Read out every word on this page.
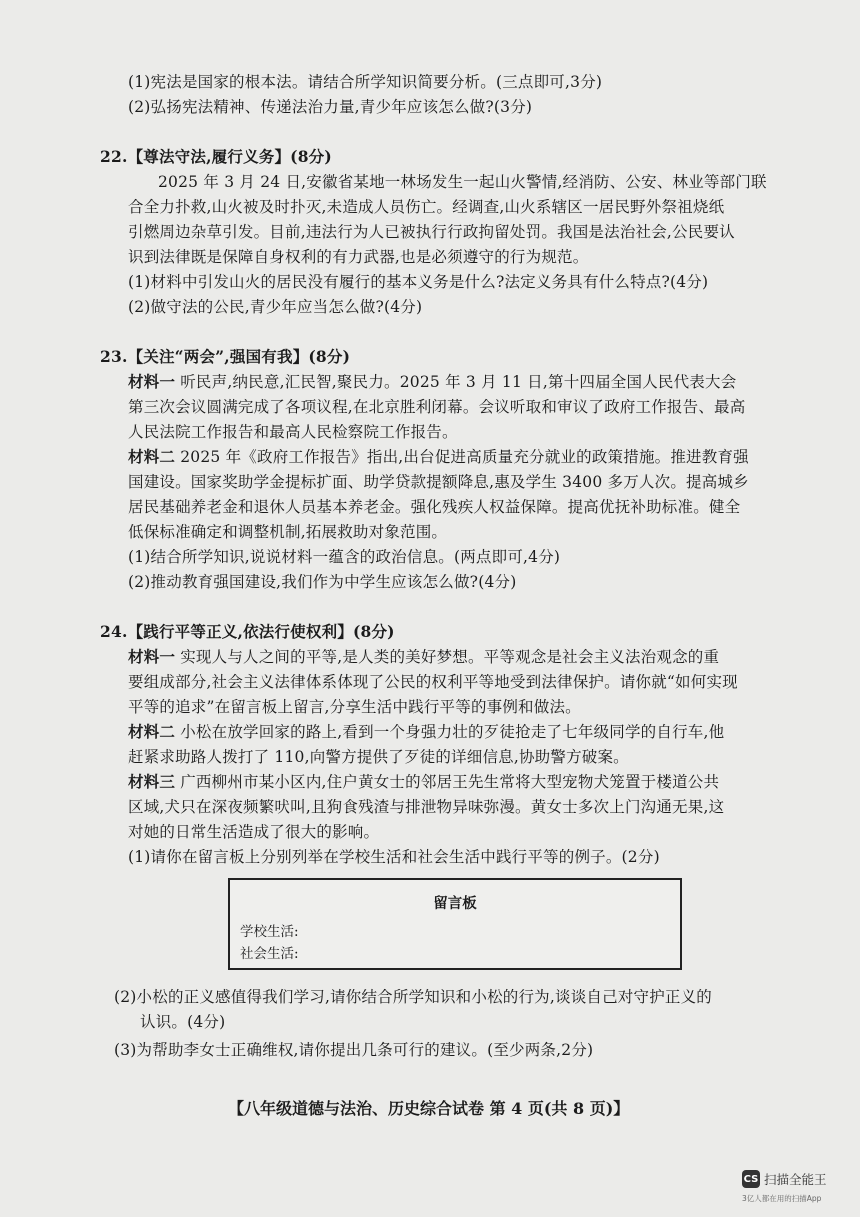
(1)宪法是国家的根本法。请结合所学知识简要分析。(三点即可,3分)
(2)弘扬宪法精神、传递法治力量,青少年应该怎么做?(3分)
22.【尊法守法,履行义务】(8分)
2025 年 3 月 24 日,安徽省某地一林场发生一起山火警情,经消防、公安、林业等部门联
合全力扑救,山火被及时扑灭,未造成人员伤亡。经调查,山火系辖区一居民野外祭祖烧纸
引燃周边杂草引发。目前,违法行为人已被执行行政拘留处罚。我国是法治社会,公民要认
识到法律既是保障自身权利的有力武器,也是必须遵守的行为规范。
(1)材料中引发山火的居民没有履行的基本义务是什么?法定义务具有什么特点?(4分)
(2)做守法的公民,青少年应当怎么做?(4分)
23.【关注“两会”,强国有我】(8分)
材料一 听民声,纳民意,汇民智,聚民力。2025 年 3 月 11 日,第十四届全国人民代表大会
第三次会议圆满完成了各项议程,在北京胜利闭幕。会议听取和审议了政府工作报告、最高
人民法院工作报告和最高人民检察院工作报告。
材料二 2025 年《政府工作报告》指出,出台促进高质量充分就业的政策措施。推进教育强
国建设。国家奖助学金提标扩面、助学贷款提额降息,惠及学生 3400 多万人次。提高城乡
居民基础养老金和退休人员基本养老金。强化残疾人权益保障。提高优抚补助标准。健全
低保标准确定和调整机制,拓展救助对象范围。
(1)结合所学知识,说说材料一蕴含的政治信息。(两点即可,4分)
(2)推动教育强国建设,我们作为中学生应该怎么做?(4分)
24.【践行平等正义,依法行使权利】(8分)
材料一 实现人与人之间的平等,是人类的美好梦想。平等观念是社会主义法治观念的重
要组成部分,社会主义法律体系体现了公民的权利平等地受到法律保护。请你就“如何实现
平等的追求”在留言板上留言,分享生活中践行平等的事例和做法。
材料二 小松在放学回家的路上,看到一个身强力壮的歹徒抢走了七年级同学的自行车,他
赶紧求助路人拨打了 110,向警方提供了歹徒的详细信息,协助警方破案。
材料三 广西柳州市某小区内,住户黄女士的邻居王先生常将大型宠物犬笼置于楼道公共
区域,犬只在深夜频繁吠叫,且狗食残渣与排泄物异味弥漫。黄女士多次上门沟通无果,这
对她的日常生活造成了很大的影响。
(1)请你在留言板上分别列举在学校生活和社会生活中践行平等的例子。(2分)
(2)小松的正义感值得我们学习,请你结合所学知识和小松的行为,谈谈自己对守护正义的
认识。(4分)
(3)为帮助李女士正确维权,请你提出几条可行的建议。(至少两条,2分)
留言板
学校生活:
社会生活:
【八年级道德与法治、历史综合试卷 第 4 页(共 8 页)】
CS 扫描全能王
3亿人都在用的扫描App
